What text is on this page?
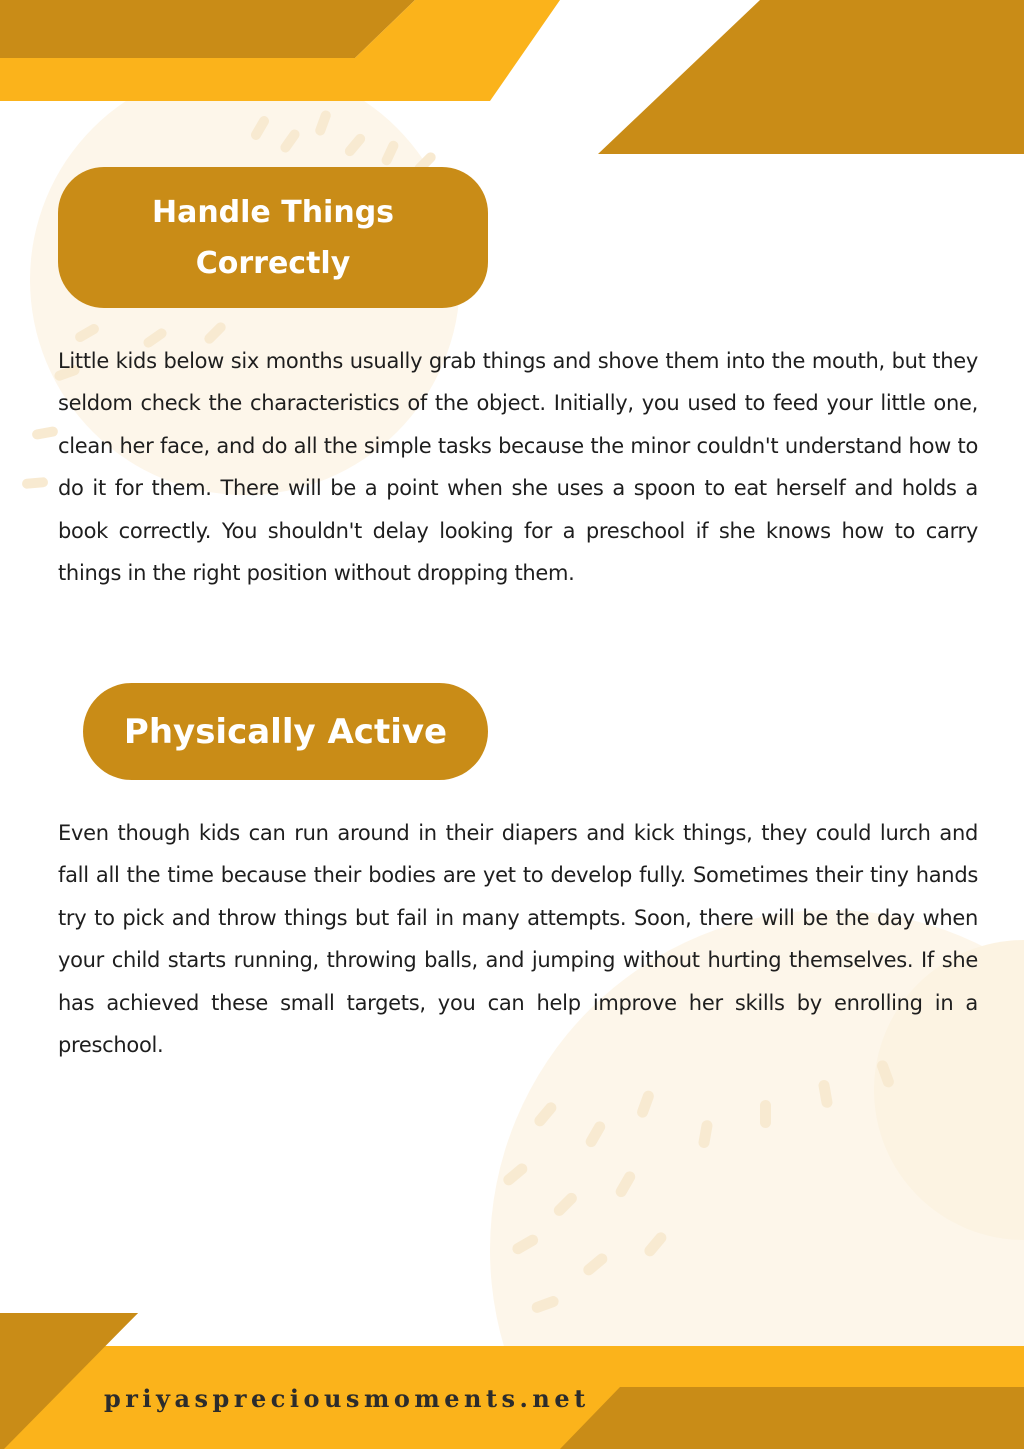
Handle Things Correctly

Little kids below six months usually grab things and shove them into the mouth, but they seldom check the characteristics of the object. Initially, you used to feed your little one, clean her face, and do all the simple tasks because the minor couldn't understand how to do it for them. There will be a point when she uses a spoon to eat herself and holds a book correctly. You shouldn't delay looking for a preschool if she knows how to carry things in the right position without dropping them.

Physically Active

Even though kids can run around in their diapers and kick things, they could lurch and fall all the time because their bodies are yet to develop fully. Sometimes their tiny hands try to pick and throw things but fail in many attempts. Soon, there will be the day when your child starts running, throwing balls, and jumping without hurting themselves. If she has achieved these small targets, you can help improve her skills by enrolling in a preschool.

priyaspreciousmoments.net
